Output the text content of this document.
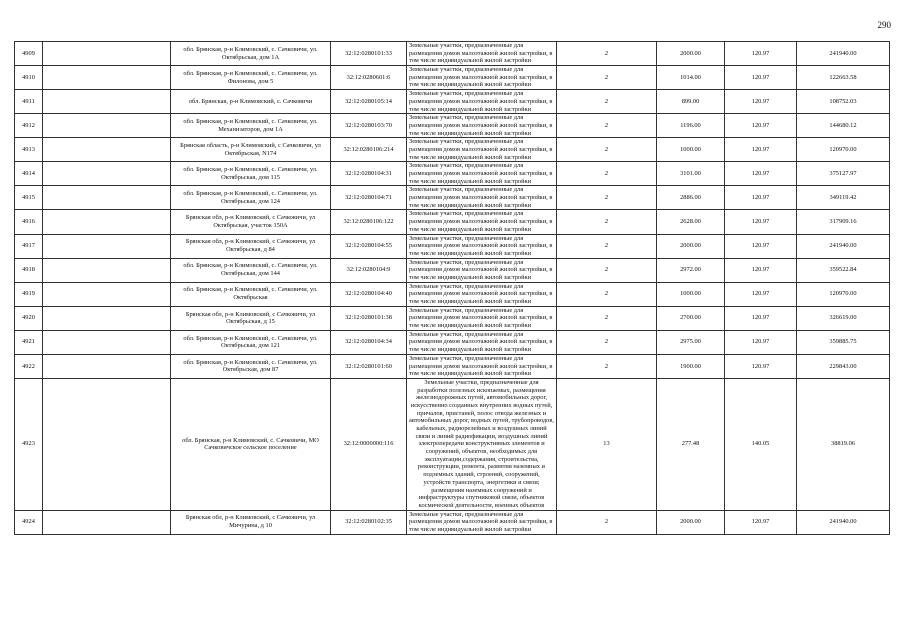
290
4909		обл. Брянская, р-н Климовский, с. Сачковичи, ул. Октябрьская, дом 1А	32:12:0280101:33	Земельные участки, предназначенные для размещения домов малоэтажной жилой застройки, в том числе индивидуальной жилой застройки	2	2000.00	120.97	241940.00
4910		обл. Брянская, р-н Климовский, с. Сачковичи, ул. Филонова, дом 5	32:12:0280601:6	Земельные участки, предназначенные для размещения домов малоэтажной жилой застройки, в том числе индивидуальной жилой застройки	2	1014.00	120.97	122663.58
4911		обл. Брянская, р-н Климовский, с. Сачковичи	32:12:0280105:14	Земельные участки, предназначенные для размещения домов малоэтажной жилой застройки, в том числе индивидуальной жилой застройки	2	899.00	120.97	108752.03
4912		обл. Брянская, р-н Климовский, с. Сачковичи, ул. Механизаторов, дом 1А	32:12:0280103:70	Земельные участки, предназначенные для размещения домов малоэтажной жилой застройки, в том числе индивидуальной жилой застройки	2	1196.00	120.97	144680.12
4913		Брянская область, р-н Климовский, с Сачковичи, ул Октябрьская, N174	32:12:0280106:214	Земельные участки, предназначенные для размещения домов малоэтажной жилой застройки, в том числе индивидуальной жилой застройки	2	1000.00	120.97	120970.00
4914		обл. Брянская, р-н Климовский, с. Сачковичи, ул. Октябрьская, дом 115	32:12:0280104:31	Земельные участки, предназначенные для размещения домов малоэтажной жилой застройки, в том числе индивидуальной жилой застройки	2	3101.00	120.97	375127.97
4915		обл. Брянская, р-н Климовский, с. Сачковичи, ул. Октябрьская, дом 124	32:12:0280104:71	Земельные участки, предназначенные для размещения домов малоэтажной жилой застройки, в том числе индивидуальной жилой застройки	2	2886.00	120.97	349119.42
4916		Брянская обл, р-н Климовский, с Сачковичи, ул Октябрьская, участок 150А	32:12:0280106:122	Земельные участки, предназначенные для размещения домов малоэтажной жилой застройки, в том числе индивидуальной жилой застройки	2	2628.00	120.97	317909.16
4917		Брянская обл, р-н Климовский, с Сачковичи, ул Октябрьская, д 84	32:12:0280104:55	Земельные участки, предназначенные для размещения домов малоэтажной жилой застройки, в том числе индивидуальной жилой застройки	2	2000.00	120.97	241940.00
4918		обл. Брянская, р-н Климовский, с. Сачковичи, ул. Октябрьская, дом 144	32:12:0280104:9	Земельные участки, предназначенные для размещения домов малоэтажной жилой застройки, в том числе индивидуальной жилой застройки	2	2972.00	120.97	359522.84
4919		обл. Брянская, р-н Климовский, с. Сачковичи, ул. Октябрьская	32:12:0280104:40	Земельные участки, предназначенные для размещения домов малоэтажной жилой застройки, в том числе индивидуальной жилой застройки	2	1000.00	120.97	120970.00
4920		Брянская обл, р-н Климовский, с Сачковичи, ул Октябрьская, д 15	32:12:0280101:38	Земельные участки, предназначенные для размещения домов малоэтажной жилой застройки, в том числе индивидуальной жилой застройки	2	2700.00	120.97	326619.00
4921		обл. Брянская, р-н Климовский, с. Сачковичи, ул. Октябрьская, дом 121	32:12:0280104:34	Земельные участки, предназначенные для размещения домов малоэтажной жилой застройки, в том числе индивидуальной жилой застройки	2	2975.00	120.97	359885.75
4922		обл. Брянская, р-н Климовский, с. Сачковичи, ул. Октябрьская, дом 87	32:12:0280101:60	Земельные участки, предназначенные для размещения домов малоэтажной жилой застройки, в том числе индивидуальной жилой застройки	2	1900.00	120.97	229843.00
4923		обл. Брянская, р-н Климовский, с. Сачковичи, МО Сачковичское сельское поселение	32:12:0000000:116	Земельные участки, предназначенные для разработки полезных ископаемых, размещения железнодорожных путей, автомобильных дорог, искусственно созданных внутренних водных путей, причалов, пристаней, полос отвода железных и автомобильных дорог, водных путей, трубопроводов, кабельных, радиорелейных и воздушных линий связи и линий радиофикации, воздушных линий электропередачи конструктивных элементов и сооружений, объектов, необходимых для эксплуатации,содержания, строительства, реконструкции, ремонта, развития наземных и подземных зданий, строений, сооружений, устройств транспорта, энергетики и связи; размещения наземных сооружений и инфраструктуры спутниковой связи, объектов космической деятельности, военных объектов	13	277.48	140.05	38819.06
4924		Брянская обл, р-н Климовский, с Сачковичи, ул Мичурина, д 10	32:12:0280102:35	Земельные участки, предназначенные для размещения домов малоэтажной жилой застройки, в том числе индивидуальной жилой застройки	2	2000.00	120.97	241940.00
